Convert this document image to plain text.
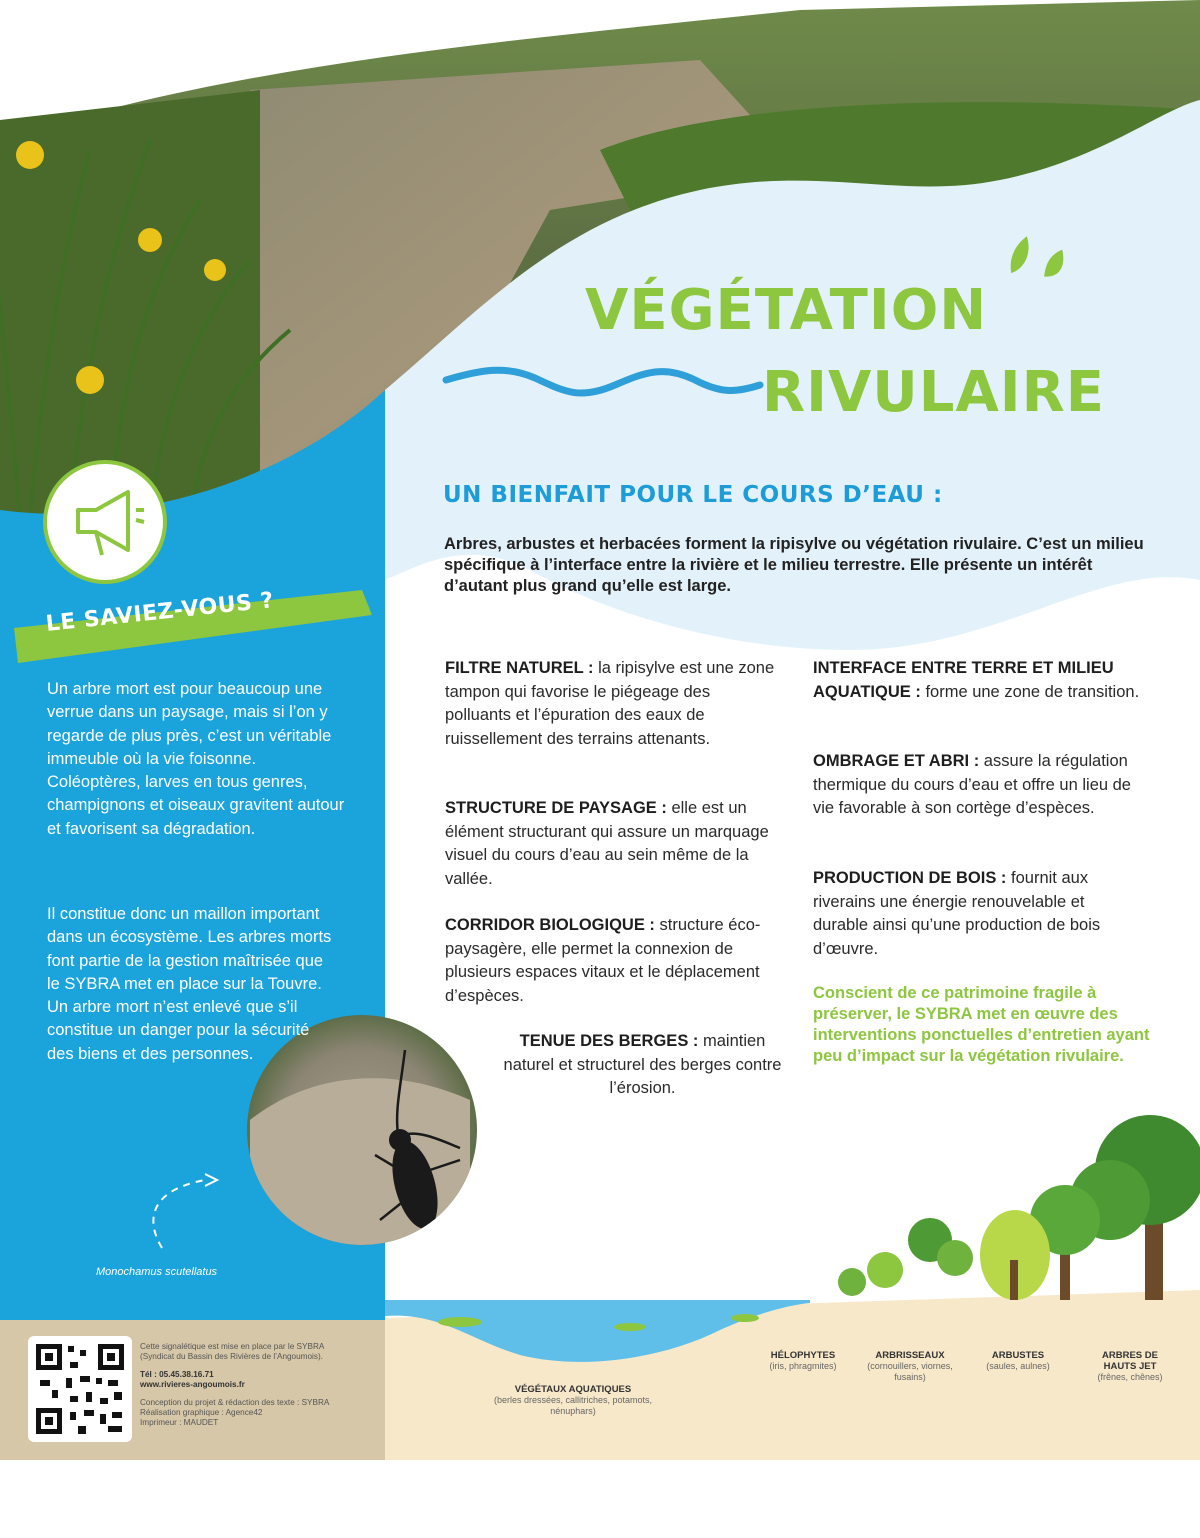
VÉGÉTATION
RIVULAIRE
UN BIENFAIT POUR LE COURS D’EAU :
Arbres, arbustes et herbacées forment la ripisylve ou végétation rivulaire. C’est un milieu spécifique à l’interface entre la rivière et le milieu terrestre. Elle présente un intérêt d’autant plus grand qu’elle est large.
FILTRE NATUREL : la ripisylve est une zone tampon qui favorise le piégeage des polluants et l’épuration des eaux de ruissellement des terrains attenants.
STRUCTURE DE PAYSAGE : elle est un élément structurant qui assure un marquage visuel du cours d’eau au sein même de la vallée.
CORRIDOR BIOLOGIQUE : structure éco-paysagère, elle permet la connexion de plusieurs espaces vitaux et le déplacement d’espèces.
TENUE DES BERGES : maintien naturel et structurel des berges contre l’érosion.
INTERFACE ENTRE TERRE ET MILIEU AQUATIQUE : forme une zone de transition.
OMBRAGE ET ABRI : assure la régulation thermique du cours d’eau et offre un lieu de vie favorable à son cortège d’espèces.
PRODUCTION DE BOIS : fournit aux riverains une énergie renouvelable et durable ainsi qu’une production de bois d’œuvre.
Conscient de ce patrimoine fragile à préserver, le SYBRA met en œuvre des interventions ponctuelles d’entretien ayant peu d’impact sur la végétation rivulaire.
LE SAVIEZ-VOUS ?

Un arbre mort est pour beaucoup une verrue dans un paysage, mais si l’on y regarde de plus près, c’est un véritable immeuble où la vie foisonne. Coléoptères, larves en tous genres, champignons et oiseaux gravitent autour et favorisent sa dégradation.

Il constitue donc un maillon important dans un écosystème. Les arbres morts font partie de la gestion maîtrisée que le SYBRA met en place sur la Touvre. Un arbre mort n’est enlevé que s’il constitue un danger pour la sécurité des biens et des personnes.

Monochamus scutellatus
Cette signalétique est mise en place par le SYBRA
(Syndicat du Bassin des Rivières de l’Angoumois).
Tél : 05.45.38.16.71
www.rivieres-angoumois.fr
Conception du projet & rédaction des texte : SYBRA
Réalisation graphique : Agence42
Imprimeur : MAUDET
VÉGÉTAUX AQUATIQUES
(berles dressées, callitriches, potamots, nénuphars)
HÉLOPHYTES
(iris, phragmites)
ARBRISSEAUX
(cornouillers, viornes, fusains)
ARBUSTES
(saules, aulnes)
ARBRES DE HAUTS JET
(frênes, chênes)
